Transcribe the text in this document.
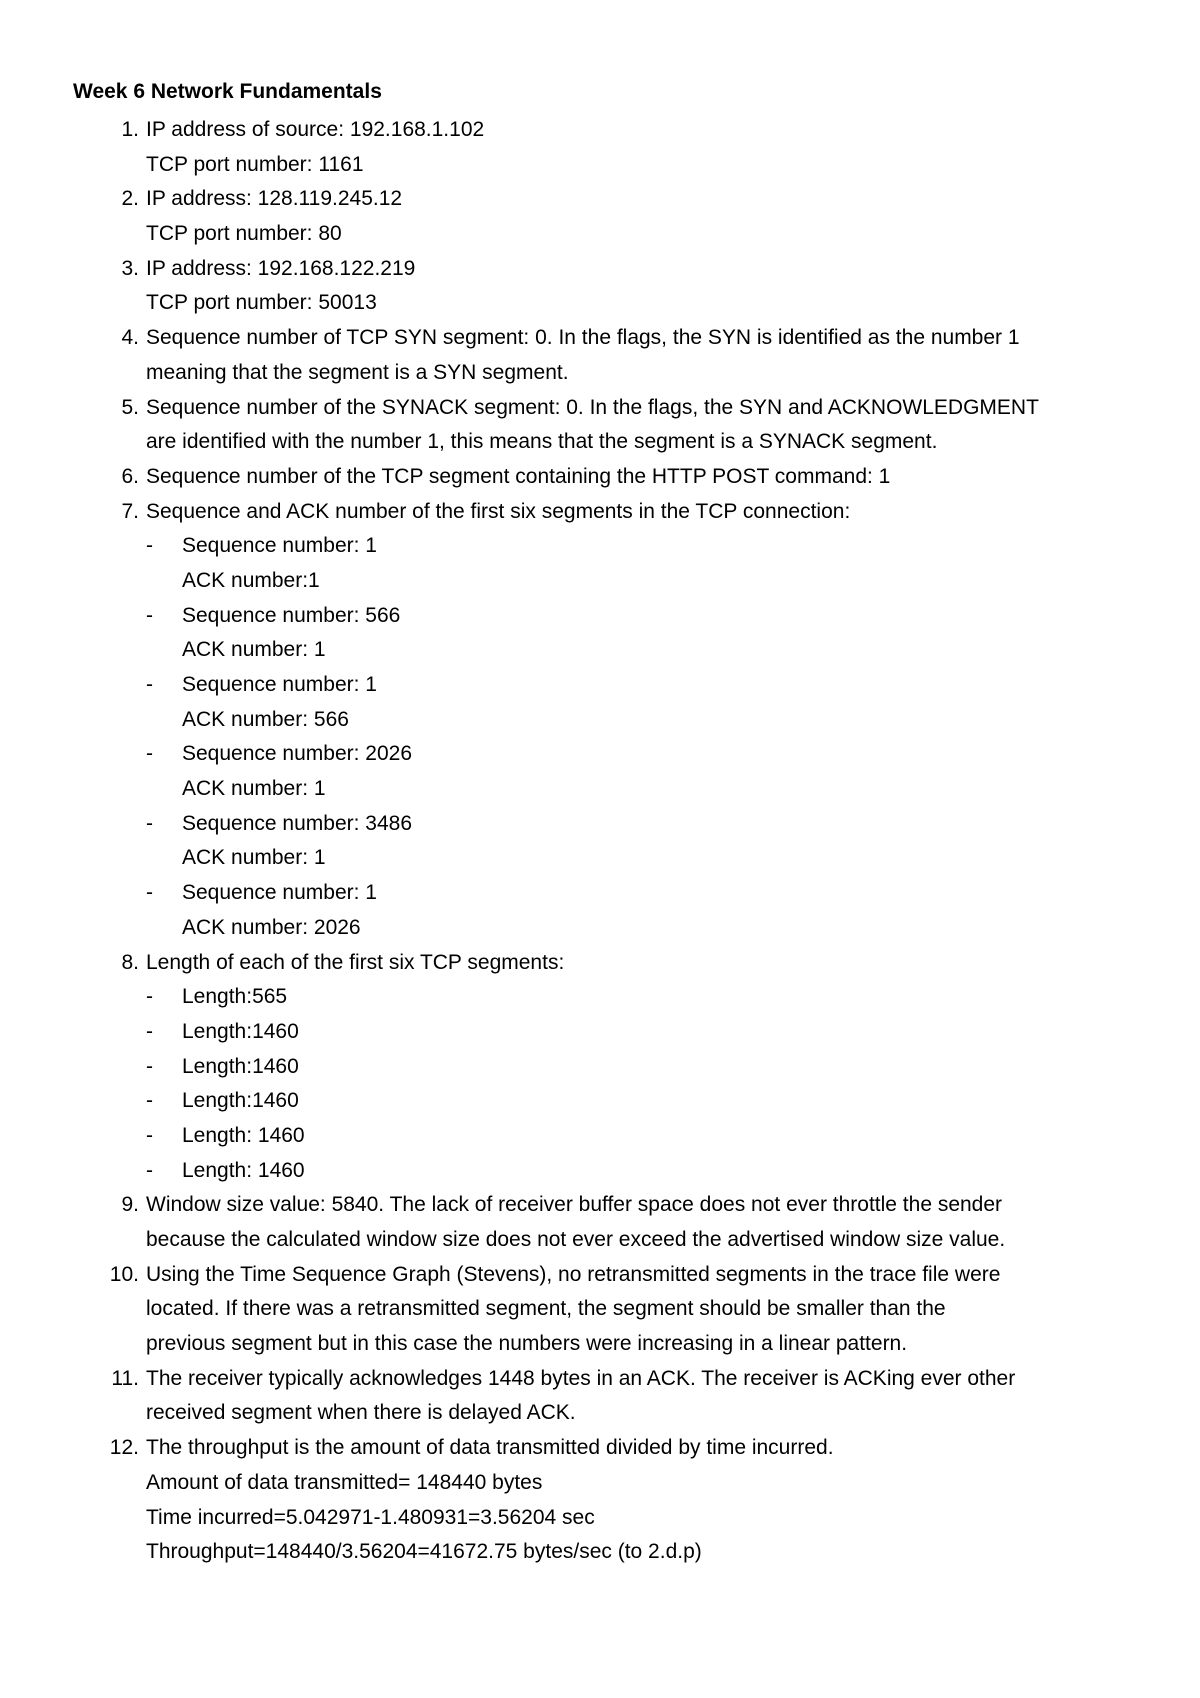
Week 6 Network Fundamentals
1. IP address of source: 192.168.1.102
TCP port number: 1161
2. IP address: 128.119.245.12
TCP port number: 80
3. IP address: 192.168.122.219
TCP port number: 50013
4. Sequence number of TCP SYN segment: 0. In the flags, the SYN is identified as the number 1
meaning that the segment is a SYN segment.
5. Sequence number of the SYNACK segment: 0. In the flags, the SYN and ACKNOWLEDGMENT
are identified with the number 1, this means that the segment is a SYNACK segment.
6. Sequence number of the TCP segment containing the HTTP POST command: 1
7. Sequence and ACK number of the first six segments in the TCP connection:
- Sequence number: 1
ACK number:1
- Sequence number: 566
ACK number: 1
- Sequence number: 1
ACK number: 566
- Sequence number: 2026
ACK number: 1
- Sequence number: 3486
ACK number: 1
- Sequence number: 1
ACK number: 2026
8. Length of each of the first six TCP segments:
- Length:565
- Length:1460
- Length:1460
- Length:1460
- Length: 1460
- Length: 1460
9. Window size value: 5840. The lack of receiver buffer space does not ever throttle the sender
because the calculated window size does not ever exceed the advertised window size value.
10. Using the Time Sequence Graph (Stevens), no retransmitted segments in the trace file were
located. If there was a retransmitted segment, the segment should be smaller than the
previous segment but in this case the numbers were increasing in a linear pattern.
11. The receiver typically acknowledges 1448 bytes in an ACK. The receiver is ACKing ever other
received segment when there is delayed ACK.
12. The throughput is the amount of data transmitted divided by time incurred.
Amount of data transmitted= 148440 bytes
Time incurred=5.042971-1.480931=3.56204 sec
Throughput=148440/3.56204=41672.75 bytes/sec (to 2.d.p)
